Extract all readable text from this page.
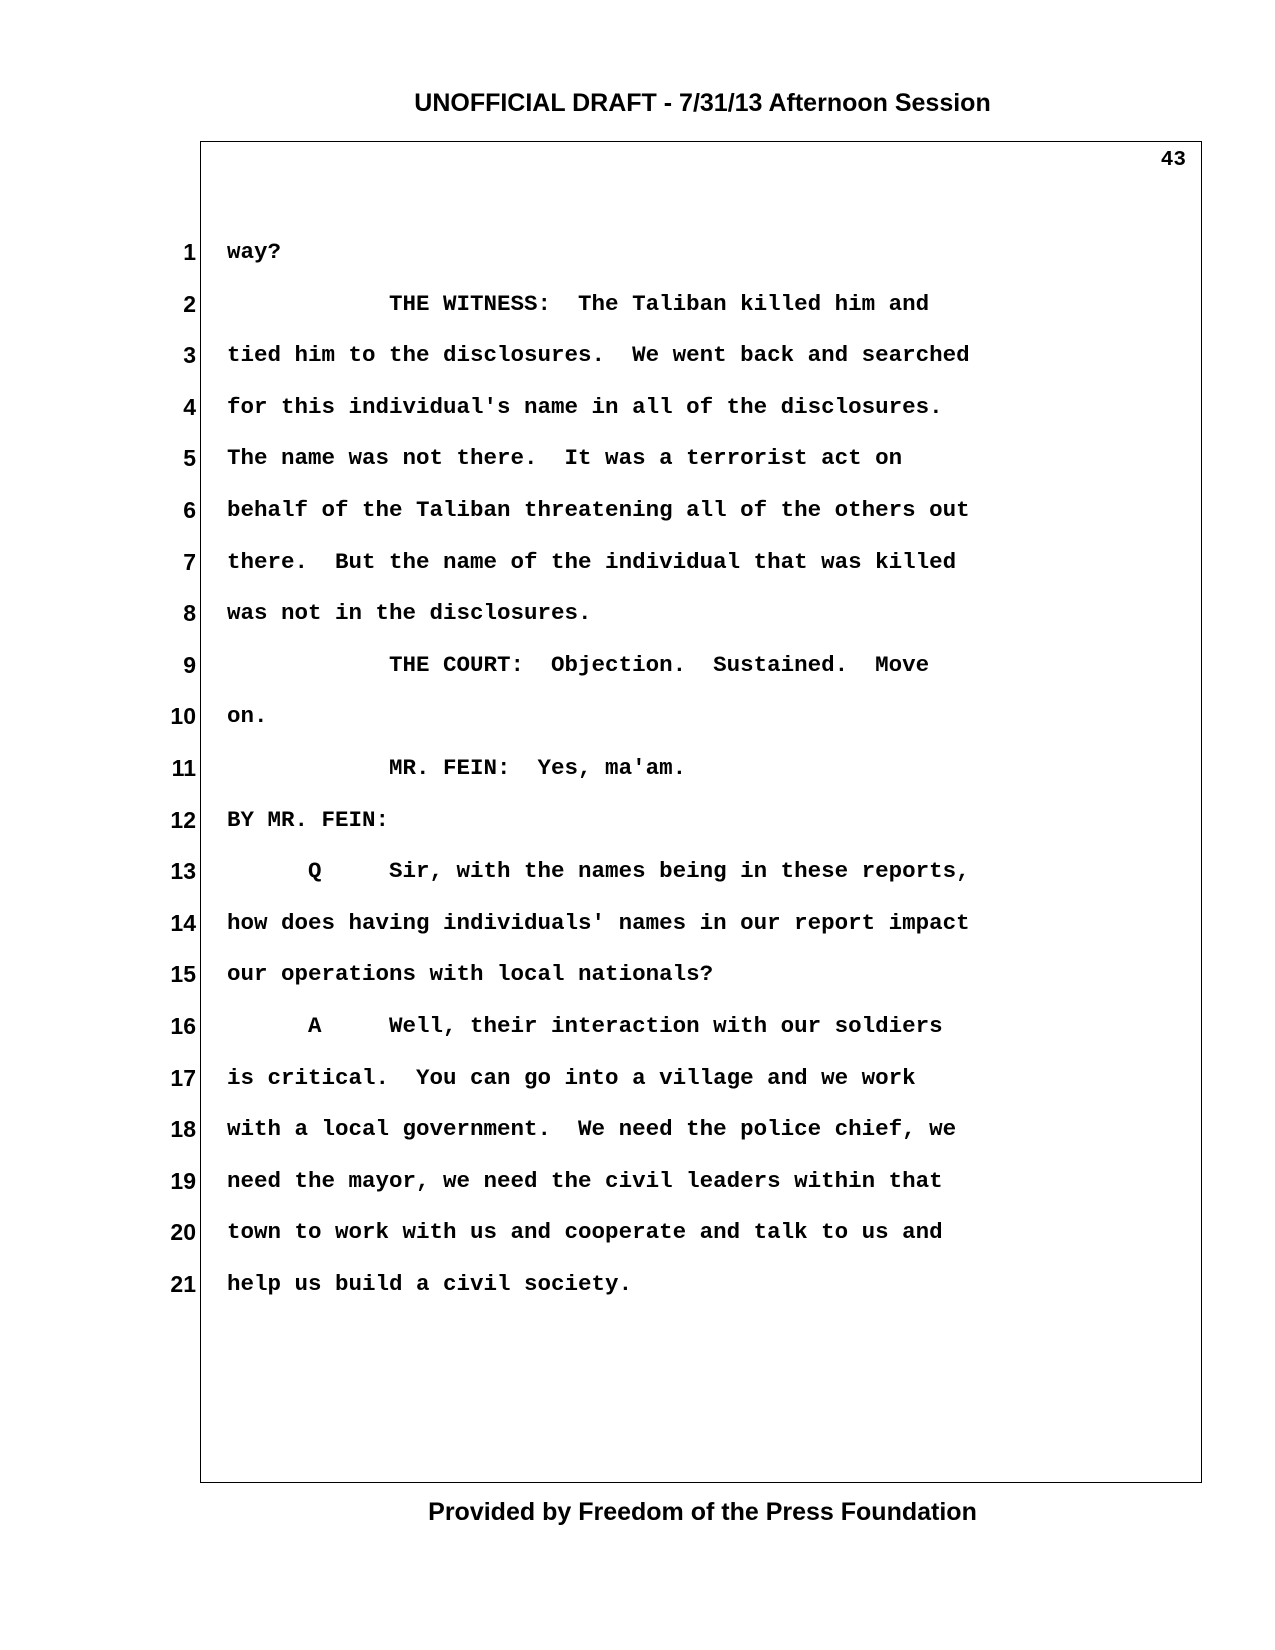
UNOFFICIAL DRAFT - 7/31/13 Afternoon Session
43
1 way?
2 THE WITNESS:  The Taliban killed him and
3 tied him to the disclosures.  We went back and searched
4 for this individual's name in all of the disclosures.
5 The name was not there.  It was a terrorist act on
6 behalf of the Taliban threatening all of the others out
7 there.  But the name of the individual that was killed
8 was not in the disclosures.
9 THE COURT:  Objection.  Sustained.  Move
10 on.
11 MR. FEIN:  Yes, ma'am.
12 BY MR. FEIN:
13 Q     Sir, with the names being in these reports,
14 how does having individuals' names in our report impact
15 our operations with local nationals?
16 A     Well, their interaction with our soldiers
17 is critical.  You can go into a village and we work
18 with a local government.  We need the police chief, we
19 need the mayor, we need the civil leaders within that
20 town to work with us and cooperate and talk to us and
21 help us build a civil society.
Provided by Freedom of the Press Foundation
